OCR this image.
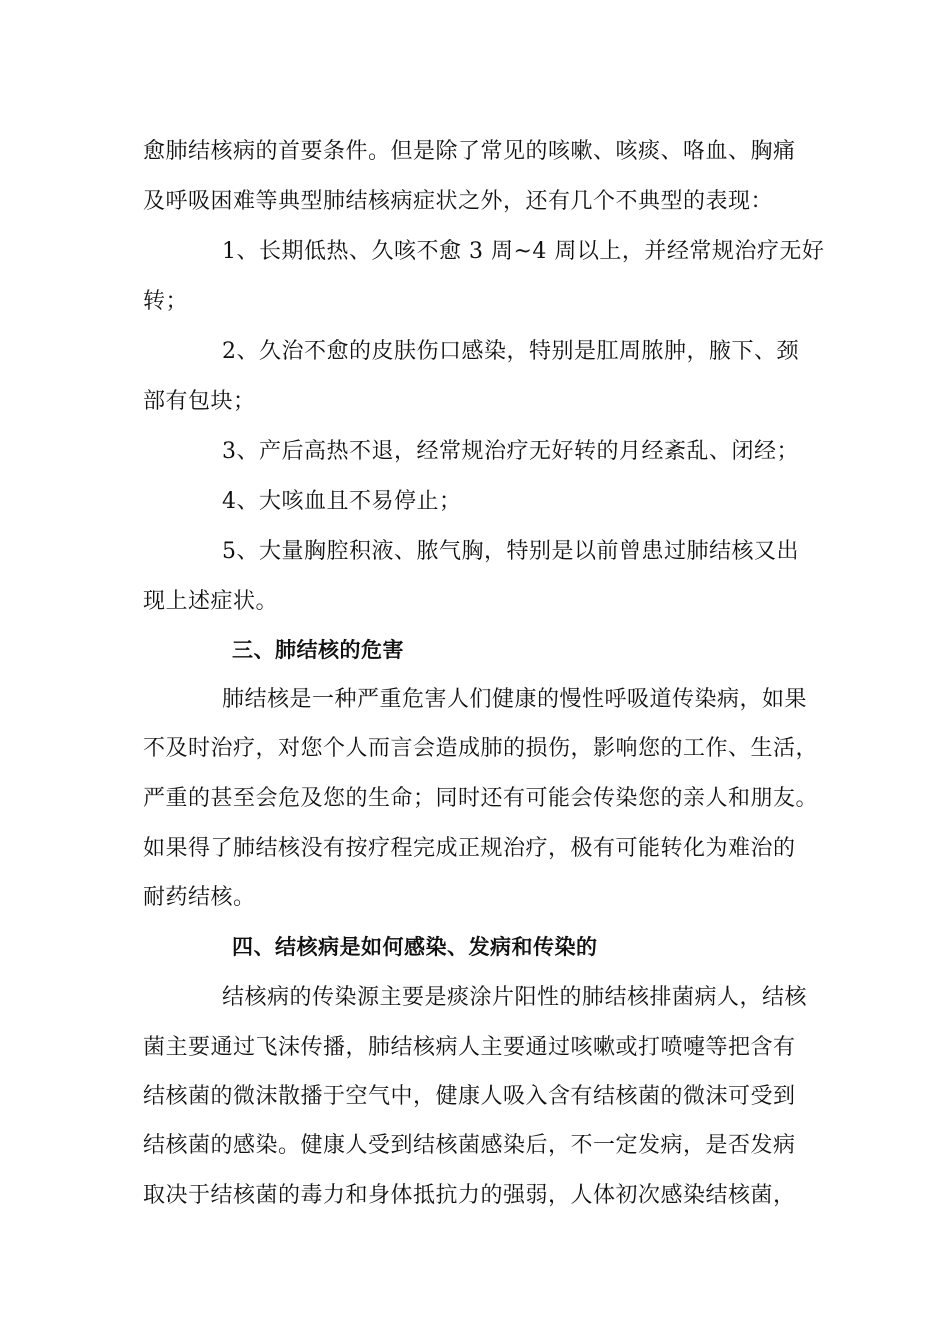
愈肺结核病的首要条件。但是除了常见的咳嗽、咳痰、咯血、胸痛
及呼吸困难等典型肺结核病症状之外，还有几个不典型的表现：
1、长期低热、久咳不愈 3 周~4 周以上，并经常规治疗无好
转；
2、久治不愈的皮肤伤口感染，特别是肛周脓肿，腋下、颈
部有包块；
3、产后高热不退，经常规治疗无好转的月经紊乱、闭经；
4、大咳血且不易停止；
5、大量胸腔积液、脓气胸，特别是以前曾患过肺结核又出
现上述症状。
三、肺结核的危害
肺结核是一种严重危害人们健康的慢性呼吸道传染病，如果
不及时治疗，对您个人而言会造成肺的损伤，影响您的工作、生活，
严重的甚至会危及您的生命；同时还有可能会传染您的亲人和朋友。
如果得了肺结核没有按疗程完成正规治疗，极有可能转化为难治的
耐药结核。
四、结核病是如何感染、发病和传染的
结核病的传染源主要是痰涂片阳性的肺结核排菌病人，结核
菌主要通过飞沫传播，肺结核病人主要通过咳嗽或打喷嚏等把含有
结核菌的微沫散播于空气中，健康人吸入含有结核菌的微沫可受到
结核菌的感染。健康人受到结核菌感染后，不一定发病，是否发病
取决于结核菌的毒力和身体抵抗力的强弱，人体初次感染结核菌，
